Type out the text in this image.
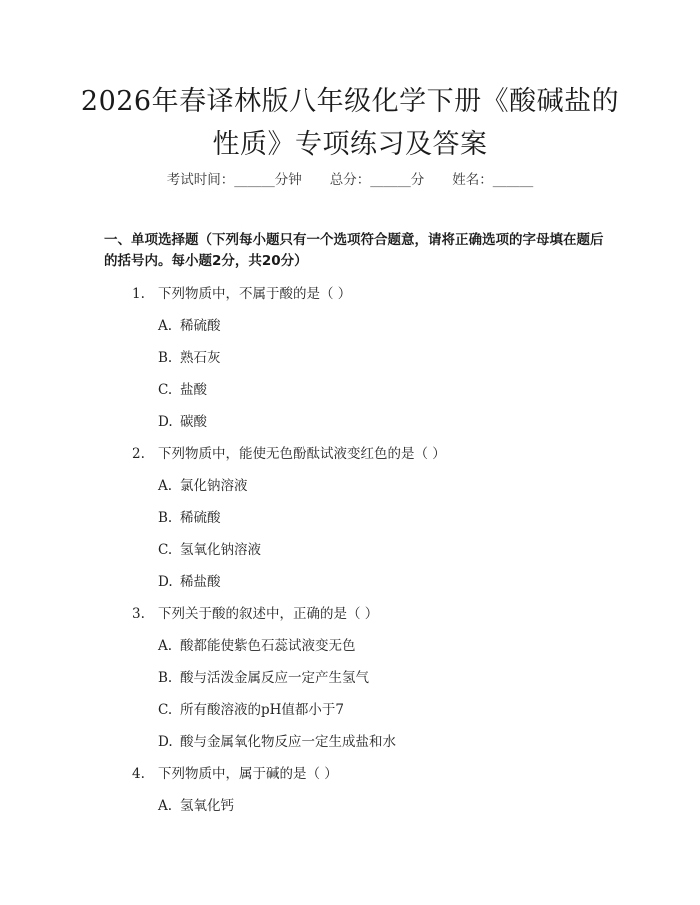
2026年春译林版八年级化学下册《酸碱盐的
性质》专项练习及答案
考试时间：______分钟 总分：______分 姓名：______
一、单项选择题（下列每小题只有一个选项符合题意，请将正确选项的字母填在题后的括号内。每小题2分，共20分）
1. 下列物质中，不属于酸的是（ ）
A. 稀硫酸
B. 熟石灰
C. 盐酸
D. 碳酸
2. 下列物质中，能使无色酚酞试液变红色的是（ ）
A. 氯化钠溶液
B. 稀硫酸
C. 氢氧化钠溶液
D. 稀盐酸
3. 下列关于酸的叙述中，正确的是（ ）
A. 酸都能使紫色石蕊试液变无色
B. 酸与活泼金属反应一定产生氢气
C. 所有酸溶液的pH值都小于7
D. 酸与金属氧化物反应一定生成盐和水
4. 下列物质中，属于碱的是（ ）
A. 氢氧化钙
